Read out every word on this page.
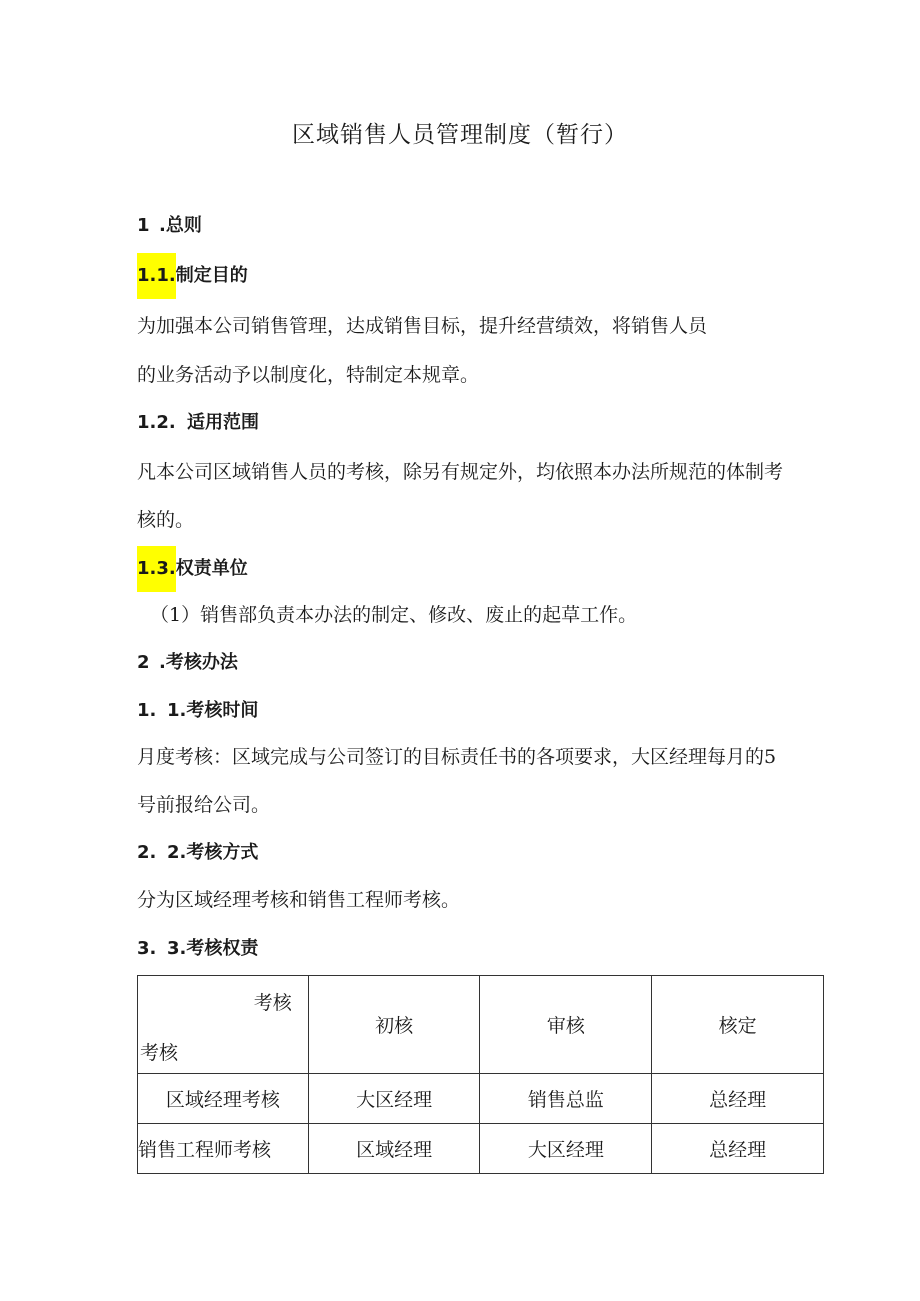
区域销售人员管理制度（暂行）
1 .总则
1.1.制定目的
为加强本公司销售管理，达成销售目标，提升经营绩效，将销售人员
的业务活动予以制度化，特制定本规章。
1.2. 适用范围
凡本公司区域销售人员的考核，除另有规定外，均依照本办法所规范的体制考
核的。
1.3.权责单位
（1）销售部负责本办法的制定、修改、废止的起草工作。
2 .考核办法
1. 1.考核时间
月度考核：区域完成与公司签订的目标责任书的各项要求，大区经理每月的5
号前报给公司。
2. 2.考核方式
分为区域经理考核和销售工程师考核。
3. 3.考核权责
考核
考核	初核	审核	核定
区域经理考核	大区经理	销售总监	总经理
销售工程师考核	区域经理	大区经理	总经理
